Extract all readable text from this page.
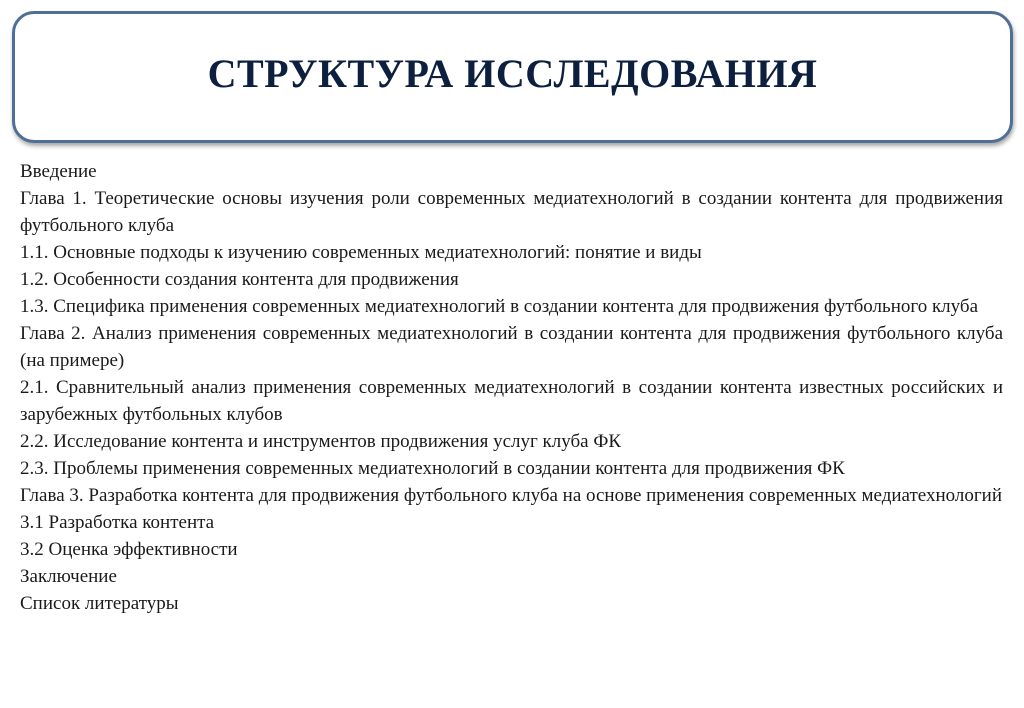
СТРУКТУРА ИССЛЕДОВАНИЯ

Введение

Глава 1. Теоретические основы изучения роли современных медиатехнологий в создании контента для продвижения футбольного клуба

1.1. Основные подходы к изучению современных медиатехнологий: понятие и виды

1.2. Особенности создания контента для продвижения

1.3. Специфика применения современных медиатехнологий в создании контента для продвижения футбольного клуба

Глава 2. Анализ применения современных медиатехнологий в создании контента для продвижения футбольного клуба (на примере)

2.1. Сравнительный анализ применения современных медиатехнологий в создании контента известных российских и зарубежных футбольных клубов

2.2. Исследование контента и инструментов продвижения услуг клуба ФК

2.3. Проблемы применения современных медиатехнологий в создании контента для продвижения ФК

Глава 3. Разработка контента для продвижения футбольного клуба на основе применения современных медиатехнологий

3.1 Разработка контента

3.2 Оценка эффективности

Заключение

Список литературы
